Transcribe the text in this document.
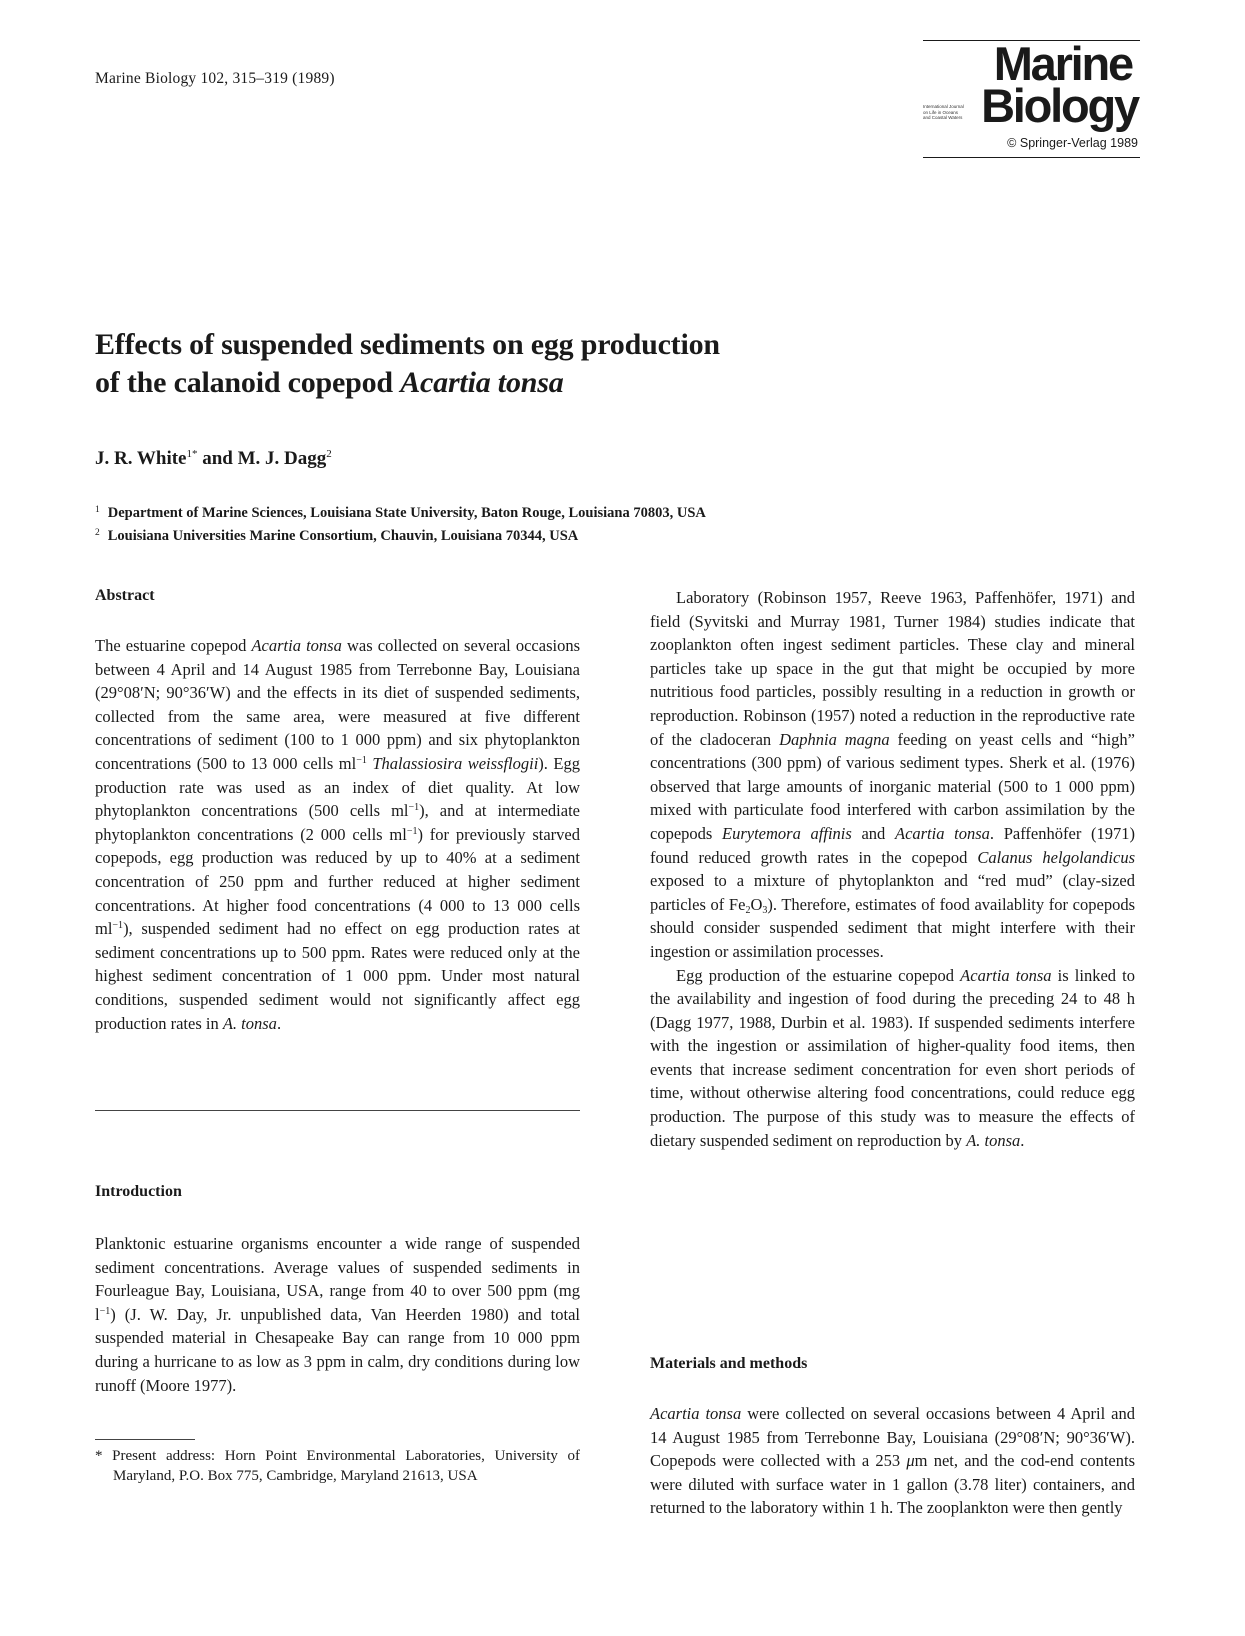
Marine Biology 102, 315–319 (1989)	Marine
International Journal
on Life in Oceans
and Coastal Waters Biology
© Springer-Verlag 1989
Effects of suspended sediments on egg production
of the calanoid copepod Acartia tonsa
J. R. White$^{1*}$ and M. J. Dagg$^2$
$^1$ Department of Marine Sciences, Louisiana State University, Baton Rouge, Louisiana 70803, USA
$^2$ Louisiana Universities Marine Consortium, Chauvin, Louisiana 70344, USA
Abstract

The estuarine copepod Acartia tonsa was collected on several occasions between 4 April and 14 August 1985 from Terrebonne Bay, Louisiana (29°08′N; 90°36′W) and the effects in its diet of suspended sediments, collected from the same area, were measured at five different concentrations of sediment (100 to 1 000 ppm) and six phytoplankton concentrations (500 to 13 000 cells $ml^{-1}$ Thalassiosira weissflogii). Egg production rate was used as an index of diet quality. At low phytoplankton concentrations (500 cells $ml^{-1}$), and at intermediate phytoplankton concentrations (2 000 cells $ml^{-1}$) for previously starved copepods, egg production was reduced by up to 40% at a sediment concentration of 250 ppm and further reduced at higher sediment concentrations. At higher food concentrations (4 000 to 13 000 cells $ml^{-1}$), suspended sediment had no effect on egg production rates at sediment concentrations up to 500 ppm. Rates were reduced only at the highest sediment concentration of 1 000 ppm. Under most natural conditions, suspended sediment would not significantly affect egg production rates in A. tonsa.

Introduction

Planktonic estuarine organisms encounter a wide range of suspended sediment concentrations. Average values of suspended sediments in Fourleague Bay, Louisiana, USA, range from 40 to over 500 ppm (mg $l^{-1}$) (J. W. Day, Jr. unpublished data, Van Heerden 1980) and total suspended material in Chesapeake Bay can range from 10 000 ppm during a hurricane to as low as 3 ppm in calm, dry conditions during low runoff (Moore 1977).

* Present address: Horn Point Environmental Laboratories, University of Maryland, P.O. Box 775, Cambridge, Maryland 21613, USA

Laboratory (Robinson 1957, Reeve 1963, Paffenhöfer, 1971) and field (Syvitski and Murray 1981, Turner 1984) studies indicate that zooplankton often ingest sediment particles. These clay and mineral particles take up space in the gut that might be occupied by more nutritious food particles, possibly resulting in a reduction in growth or reproduction. Robinson (1957) noted a reduction in the reproductive rate of the cladoceran Daphnia magna feeding on yeast cells and “high” concentrations (300 ppm) of various sediment types. Sherk et al. (1976) observed that large amounts of inorganic material (500 to 1 000 ppm) mixed with particulate food interfered with carbon assimilation by the copepods Eurytemora affinis and Acartia tonsa. Paffenhöfer (1971) found reduced growth rates in the copepod Calanus helgolandicus exposed to a mixture of phytoplankton and “red mud” (clay-sized particles of $Fe_2O_3$). Therefore, estimates of food availablity for copepods should consider suspended sediment that might interfere with their ingestion or assimilation processes.

Egg production of the estuarine copepod Acartia tonsa is linked to the availability and ingestion of food during the preceding 24 to 48 h (Dagg 1977, 1988, Durbin et al. 1983). If suspended sediments interfere with the ingestion or assimilation of higher-quality food items, then events that increase sediment concentration for even short periods of time, without otherwise altering food concentrations, could reduce egg production. The purpose of this study was to measure the effects of dietary suspended sediment on reproduction by A. tonsa.

Materials and methods

Acartia tonsa were collected on several occasions between 4 April and 14 August 1985 from Terrebonne Bay, Louisiana (29°08′N; 90°36′W). Copepods were collected with a 253 μm net, and the cod-end contents were diluted with surface water in 1 gallon (3.78 liter) containers, and returned to the laboratory within 1 h. The zooplankton were then gently
